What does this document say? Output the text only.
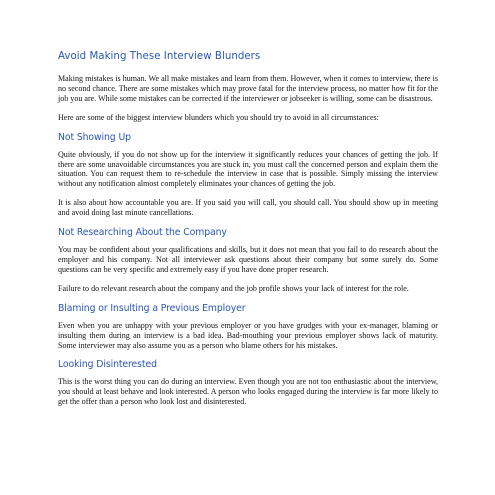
Avoid Making These Interview Blunders

Making mistakes is human. We all make mistakes and learn from them. However, when it comes to interview, there is no second chance. There are some mistakes which may prove fatal for the interview process, no matter how fit for the job you are. While some mistakes can be corrected if the interviewer or jobseeker is willing, some can be disastrous.

Here are some of the biggest interview blunders which you should try to avoid in all circumstances:

Not Showing Up

Quite obviously, if you do not show up for the interview it significantly reduces your chances of getting the job. If there are some unavoidable circumstances you are stuck in, you must call the concerned person and explain them the situation. You can request them to re-schedule the interview in case that is possible. Simply missing the interview without any notification almost completely eliminates your chances of getting the job.

It is also about how accountable you are. If you said you will call, you should call. You should show up in meeting and avoid doing last minute cancellations.

Not Researching About the Company

You may be confident about your qualifications and skills, but it does not mean that you fail to do research about the employer and his company. Not all interviewer ask questions about their company but some surely do. Some questions can be very specific and extremely easy if you have done proper research.

Failure to do relevant research about the company and the job profile shows your lack of interest for the role.

Blaming or Insulting a Previous Employer

Even when you are unhappy with your previous employer or you have grudges with your ex-manager, blaming or insulting them during an interview is a bad idea. Bad-mouthing your previous employer shows lack of maturity. Some interviewer may also assume you as a person who blame others for his mistakes.

Looking Disinterested

This is the worst thing you can do during an interview. Even though you are not too enthusiastic about the interview, you should at least behave and look interested. A person who looks engaged during the interview is far more likely to get the offer than a person who look lost and disinterested.
